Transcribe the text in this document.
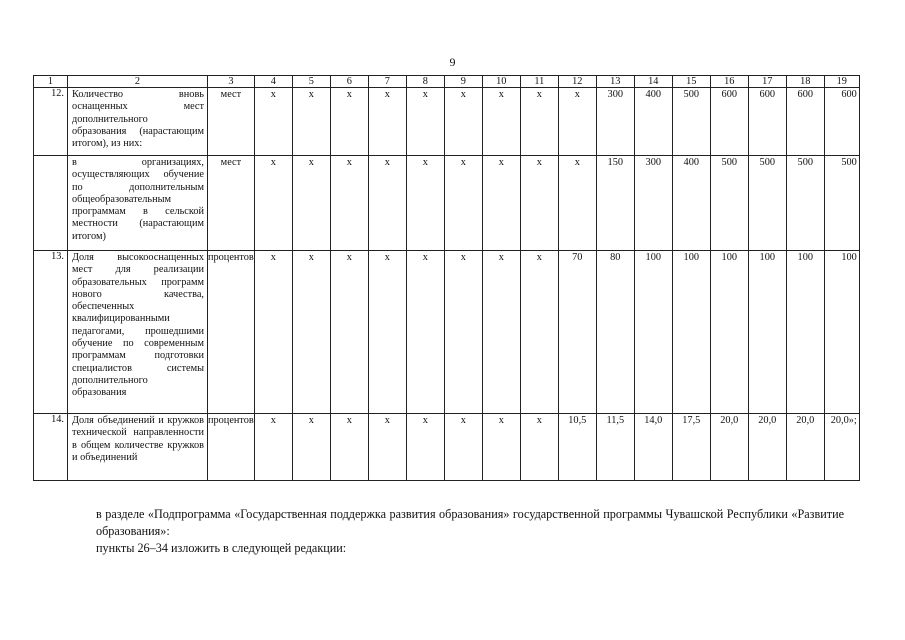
9
1	2	3	4	5	6	7	8	9	10	11	12	13	14	15	16	17	18	19
12.	Количество вновь оснащенных мест дополнительного образования (нарастающим итогом), из них:	мест	x	x	x	x	x	x	x	x	x	300	400	500	600	600	600	600
	в организациях, осуществляющих обучение по дополнительным общеобразовательным программам в сельской местности (нарастающим итогом)	мест	x	x	x	x	x	x	x	x	x	150	300	400	500	500	500	500
13.	Доля высокооснащенных мест для реализации образовательных программ нового качества, обеспеченных квалифицированными педагогами, прошедшими обучение по современным программам подготовки специалистов системы дополнительного образования	процентов	x	x	x	x	x	x	x	x	70	80	100	100	100	100	100	100
14.	Доля объединений и кружков технической направленности в общем количестве кружков и объединений	процентов	x	x	x	x	x	x	x	x	10,5	11,5	14,0	17,5	20,0	20,0	20,0	20,0»;
в разделе «Подпрограмма «Государственная поддержка развития образования» государственной программы Чувашской Республики «Развитие образования»:
пункты 26–34 изложить в следующей редакции:
